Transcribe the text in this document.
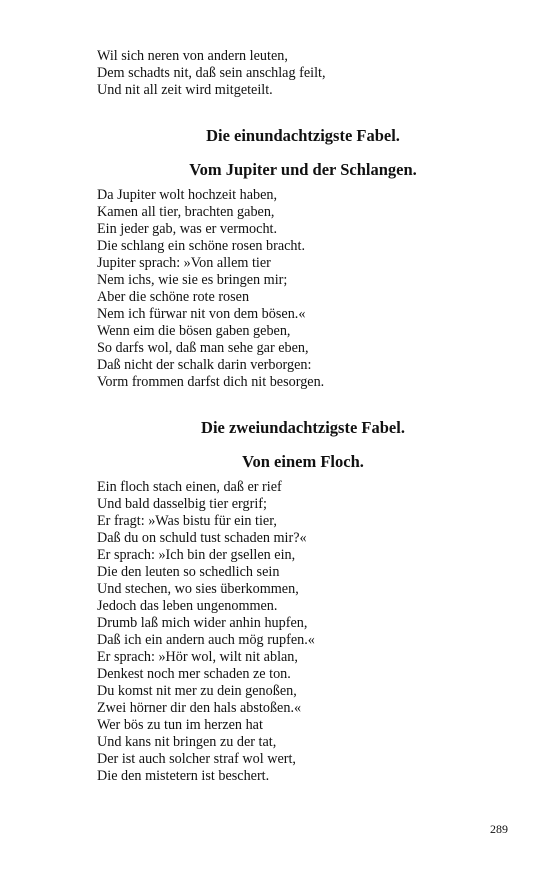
Wil sich neren von andern leuten,
Dem schadts nit, daß sein anschlag feilt,
Und nit all zeit wird mitgeteilt.
Die einundachtzigste Fabel.
Vom Jupiter und der Schlangen.
Da Jupiter wolt hochzeit haben,
Kamen all tier, brachten gaben,
Ein jeder gab, was er vermocht.
Die schlang ein schöne rosen bracht.
Jupiter sprach: »Von allem tier
Nem ichs, wie sie es bringen mir;
Aber die schöne rote rosen
Nem ich fürwar nit von dem bösen.«
Wenn eim die bösen gaben geben,
So darfs wol, daß man sehe gar eben,
Daß nicht der schalk darin verborgen:
Vorm frommen darfst dich nit besorgen.
Die zweiundachtzigste Fabel.
Von einem Floch.
Ein floch stach einen, daß er rief
Und bald dasselbig tier ergrif;
Er fragt: »Was bistu für ein tier,
Daß du on schuld tust schaden mir?«
Er sprach: »Ich bin der gsellen ein,
Die den leuten so schedlich sein
Und stechen, wo sies überkommen,
Jedoch das leben ungenommen.
Drumb laß mich wider anhin hupfen,
Daß ich ein andern auch mög rupfen.«
Er sprach: »Hör wol, wilt nit ablan,
Denkest noch mer schaden ze ton.
Du komst nit mer zu dein genoßen,
Zwei hörner dir den hals abstoßen.«
Wer bös zu tun im herzen hat
Und kans nit bringen zu der tat,
Der ist auch solcher straf wol wert,
Die den mistetern ist beschert.
289
